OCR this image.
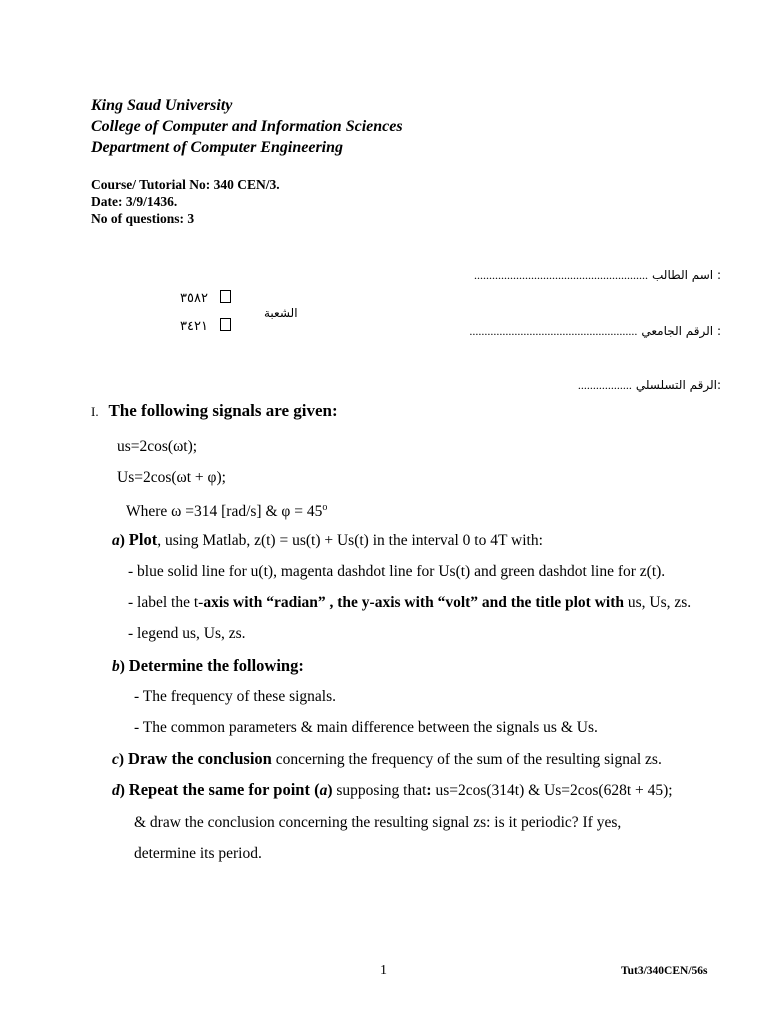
King Saud University
College of Computer and Information Sciences
Department of Computer Engineering
Course/ Tutorial No: 340 CEN/3.
Date: 3/9/1436.
No of questions: 3
.......................................................... اسم الطالب :
٣٥٨٢
الشعبة
٣٤٢١	........................................................ الرقم الجامعي :
.................. الرقم التسلسلي:
I. The following signals are given:
us=2cos(ωt);
Us=2cos(ωt + φ);
Where ω =314 [rad/s] & $\varphi = 45^o$
a) Plot, using Matlab, z(t) = us(t) + Us(t) in the interval 0 to 4T with:
- blue solid line for u(t), magenta dashdot line for Us(t) and green dashdot line for z(t).
- label the t-axis with “radian” , the y-axis with “volt” and the title plot with us, Us, zs.
- legend us, Us, zs.
b) Determine the following:
- The frequency of these signals.
- The common parameters & main difference between the signals us & Us.
c) Draw the conclusion concerning the frequency of the sum of the resulting signal zs.
d) Repeat the same for point (a) supposing that: us=2cos(314t) & Us=2cos(628t + 45);
& draw the conclusion concerning the resulting signal zs: is it periodic? If yes,
determine its period.
1	Tut3/340CEN/56s
